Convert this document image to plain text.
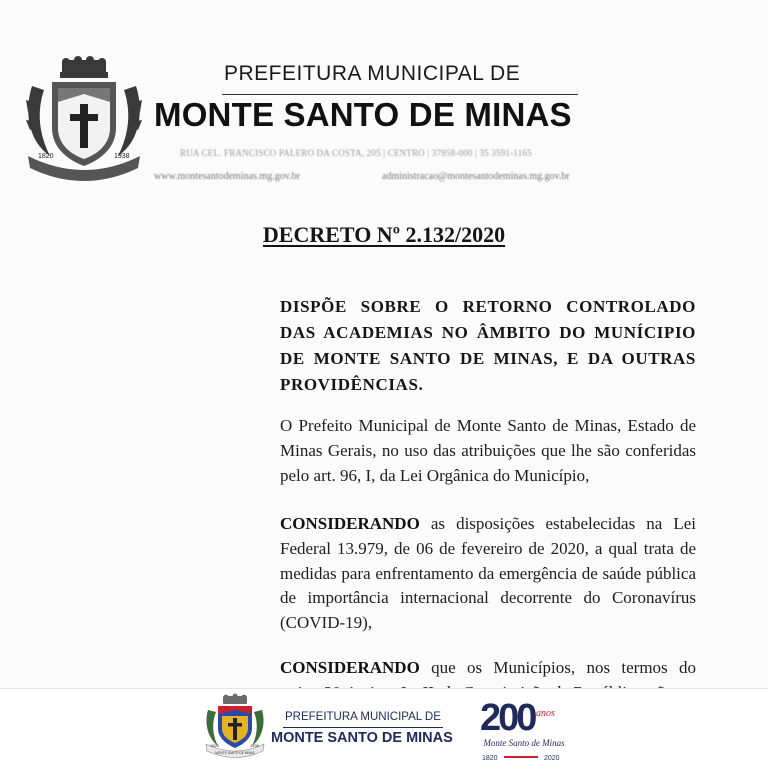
1820	1938
PREFEITURA MUNICIPAL DE
MONTE SANTO DE MINAS
RUA CEL. FRANCISCO PALERO DA COSTA, 205 | CENTRO | 37958-000 | 35 3591-1165
www.montesantodeminas.mg.gov.br	administracao@montesantodeminas.mg.gov.br
DECRETO Nº 2.132/2020
DISPÕE SOBRE O RETORNO CONTROLADO DAS ACADEMIAS NO ÂMBITO DO MUNÍCIPIO DE MONTE SANTO DE MINAS, E DA OUTRAS PROVIDÊNCIAS.
O Prefeito Municipal de Monte Santo de Minas, Estado de Minas Gerais, no uso das atribuições que lhe são conferidas pelo art. 96, I, da Lei Orgânica do Município,
CONSIDERANDO as disposições estabelecidas na Lei Federal 13.979, de 06 de fevereiro de 2020, a qual trata de medidas para enfrentamento da emergência de saúde pública de importância internacional decorrente do Coronavírus (COVID-19),
CONSIDERANDO que os Municípios, nos termos do
1820	1938
MONTE SANTO DE MINAS
PREFEITURA MUNICIPAL DE
MONTE SANTO DE MINAS 200 anos
Monte Santo de Minas
1820	2020
